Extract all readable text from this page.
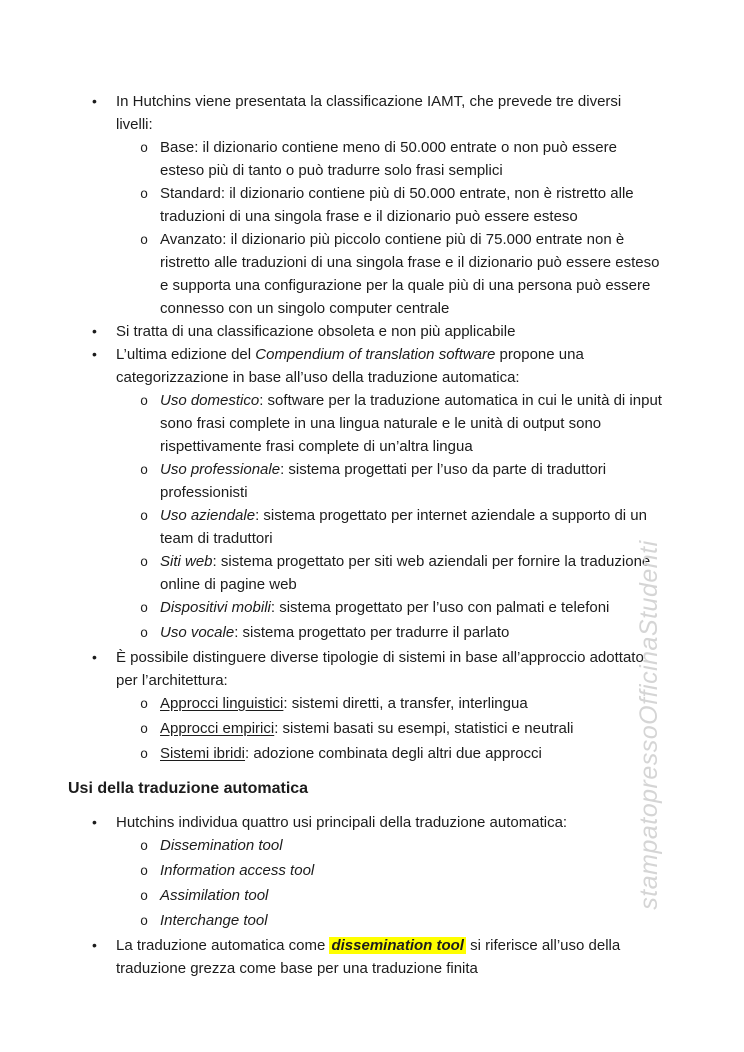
•	In Hutchins viene presentata la classificazione IAMT, che prevede tre diversi livelli:
o Base: il dizionario contiene meno di 50.000 entrate o non può essere esteso più di tanto o può tradurre solo frasi semplici
o Standard: il dizionario contiene più di 50.000 entrate, non è ristretto alle traduzioni di una singola frase e il dizionario può essere esteso
o Avanzato: il dizionario più piccolo contiene più di 75.000 entrate non è ristretto alle traduzioni di una singola frase e il dizionario può essere esteso e supporta una configurazione per la quale più di una persona può essere connesso con un singolo computer centrale
•	Si tratta di una classificazione obsoleta e non più applicabile
•	L’ultima edizione del Compendium of translation software propone una categorizzazione in base all’uso della traduzione automatica:
o Uso domestico: software per la traduzione automatica in cui le unità di input sono frasi complete in una lingua naturale e le unità di output sono rispettivamente frasi complete di un’altra lingua
o Uso professionale: sistema progettati per l’uso da parte di traduttori professionisti
o Uso aziendale: sistema progettato per internet aziendale a supporto di un team di traduttori
o Siti web: sistema progettato per siti web aziendali per fornire la traduzione online di pagine web
o Dispositivi mobili: sistema progettato per l’uso con palmati e telefoni
o Uso vocale: sistema progettato per tradurre il parlato
•	È possibile distinguere diverse tipologie di sistemi in base all’approccio adottato per l’architettura:
o Approcci linguistici: sistemi diretti, a transfer, interlingua
o Approcci empirici: sistemi basati su esempi, statistici e neutrali
o Sistemi ibridi: adozione combinata degli altri due approcci
Usi della traduzione automatica
•	Hutchins individua quattro usi principali della traduzione automatica:
o Dissemination tool
o Information access tool
o Assimilation tool
o Interchange tool
•	La traduzione automatica come dissemination tool si riferisce all’uso della traduzione grezza come base per una traduzione finita
stampatopressoOfficinaStudenti
